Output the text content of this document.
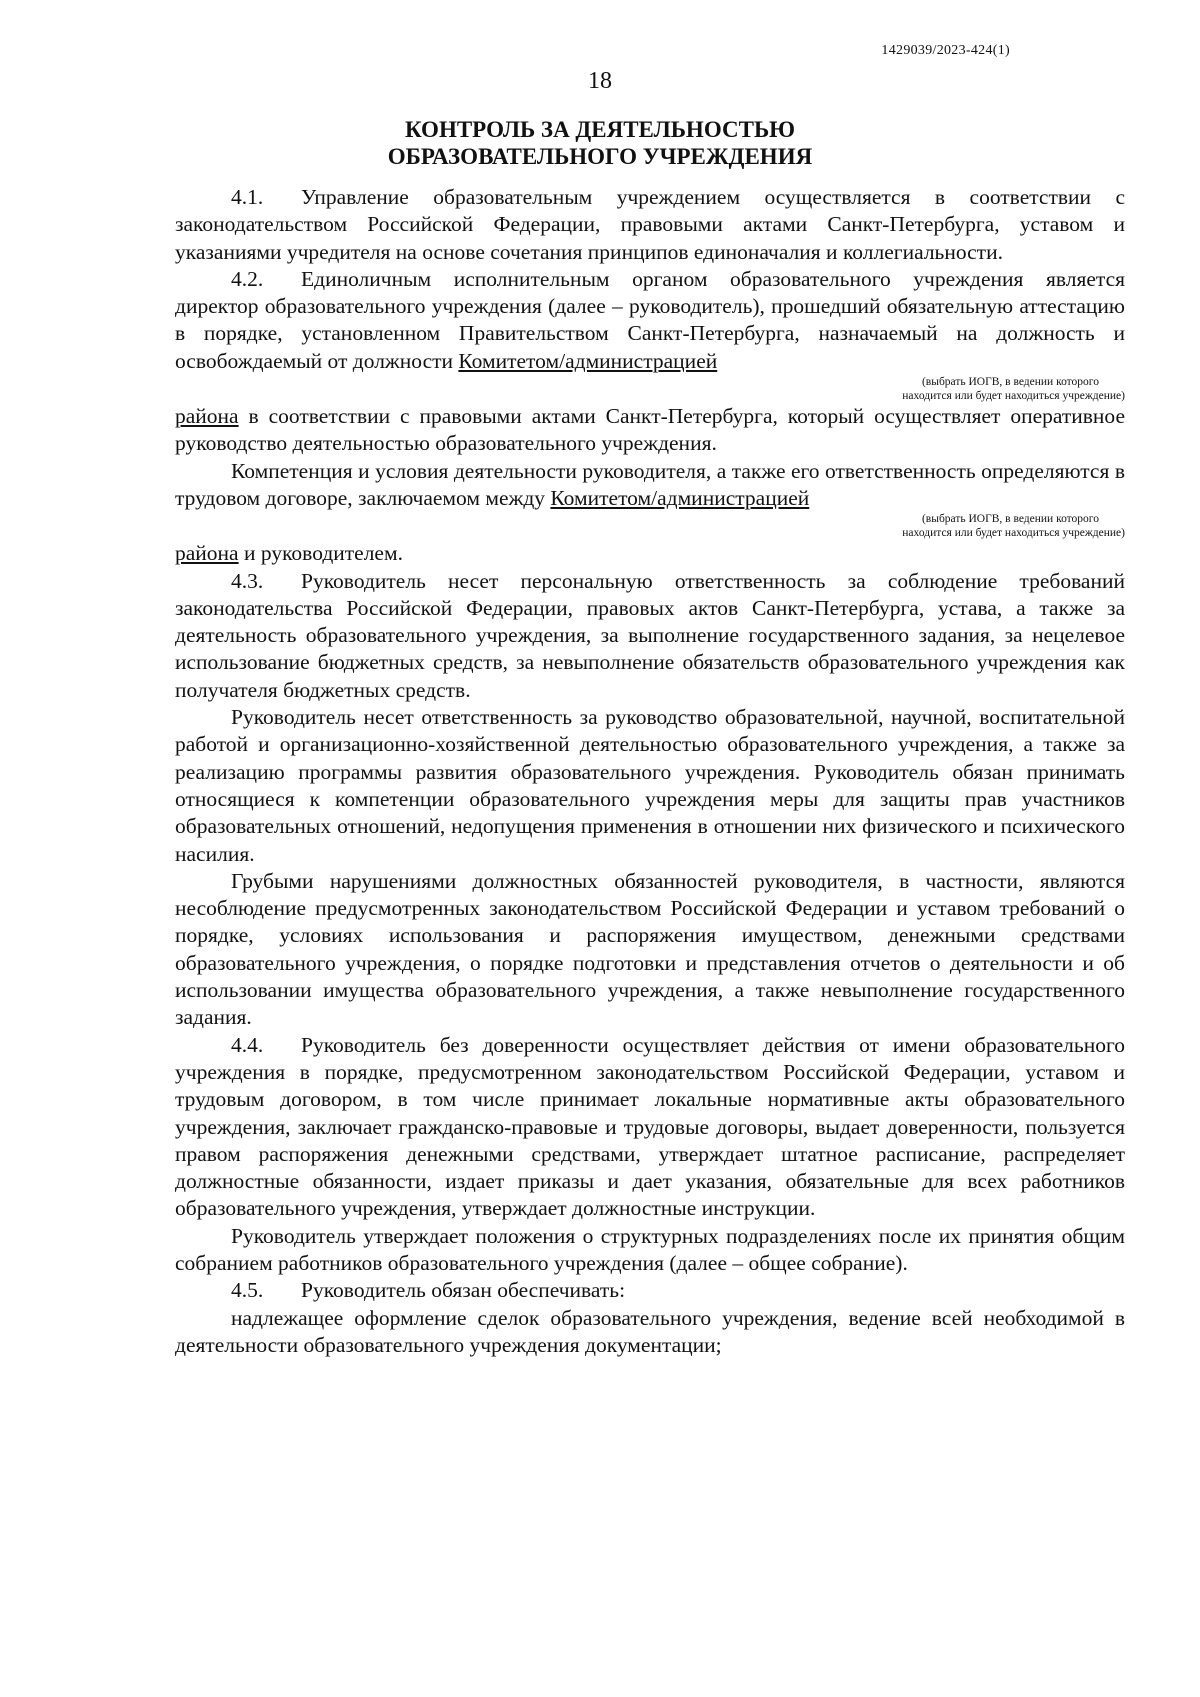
1429039/2023-424(1)
18
КОНТРОЛЬ ЗА ДЕЯТЕЛЬНОСТЬЮ
ОБРАЗОВАТЕЛЬНОГО УЧРЕЖДЕНИЯ

4.1. Управление образовательным учреждением осуществляется в соответствии с законодательством Российской Федерации, правовыми актами Санкт-Петербурга, уставом и указаниями учредителя на основе сочетания принципов единоначалия и коллегиальности.

4.2. Единоличным исполнительным органом образовательного учреждения является директор образовательного учреждения (далее – руководитель), прошедший обязательную аттестацию в порядке, установленном Правительством Санкт-Петербурга, назначаемый на должность и освобождаемый от должности Комитетом/администрацией

(выбрать ИОГВ, в ведении которого
находится или будет находиться учреждение)

района в соответствии с правовыми актами Санкт-Петербурга, который осуществляет оперативное руководство деятельностью образовательного учреждения.

Компетенция и условия деятельности руководителя, а также его ответственность определяются в трудовом договоре, заключаемом между Комитетом/администрацией

(выбрать ИОГВ, в ведении которого
находится или будет находиться учреждение)

района и руководителем.

4.3. Руководитель несет персональную ответственность за соблюдение требований законодательства Российской Федерации, правовых актов Санкт-Петербурга, устава, а также за деятельность образовательного учреждения, за выполнение государственного задания, за нецелевое использование бюджетных средств, за невыполнение обязательств образовательного учреждения как получателя бюджетных средств.

Руководитель несет ответственность за руководство образовательной, научной, воспитательной работой и организационно-хозяйственной деятельностью образовательного учреждения, а также за реализацию программы развития образовательного учреждения. Руководитель обязан принимать относящиеся к компетенции образовательного учреждения меры для защиты прав участников образовательных отношений, недопущения применения в отношении них физического и психического насилия.

Грубыми нарушениями должностных обязанностей руководителя, в частности, являются несоблюдение предусмотренных законодательством Российской Федерации и уставом требований о порядке, условиях использования и распоряжения имуществом, денежными средствами образовательного учреждения, о порядке подготовки и представления отчетов о деятельности и об использовании имущества образовательного учреждения, а также невыполнение государственного задания.

4.4. Руководитель без доверенности осуществляет действия от имени образовательного учреждения в порядке, предусмотренном законодательством Российской Федерации, уставом и трудовым договором, в том числе принимает локальные нормативные акты образовательного учреждения, заключает гражданско-правовые и трудовые договоры, выдает доверенности, пользуется правом распоряжения денежными средствами, утверждает штатное расписание, распределяет должностные обязанности, издает приказы и дает указания, обязательные для всех работников образовательного учреждения, утверждает должностные инструкции.

Руководитель утверждает положения о структурных подразделениях после их принятия общим собранием работников образовательного учреждения (далее – общее собрание).

4.5. Руководитель обязан обеспечивать:

надлежащее оформление сделок образовательного учреждения, ведение всей необходимой в деятельности образовательного учреждения документации;
